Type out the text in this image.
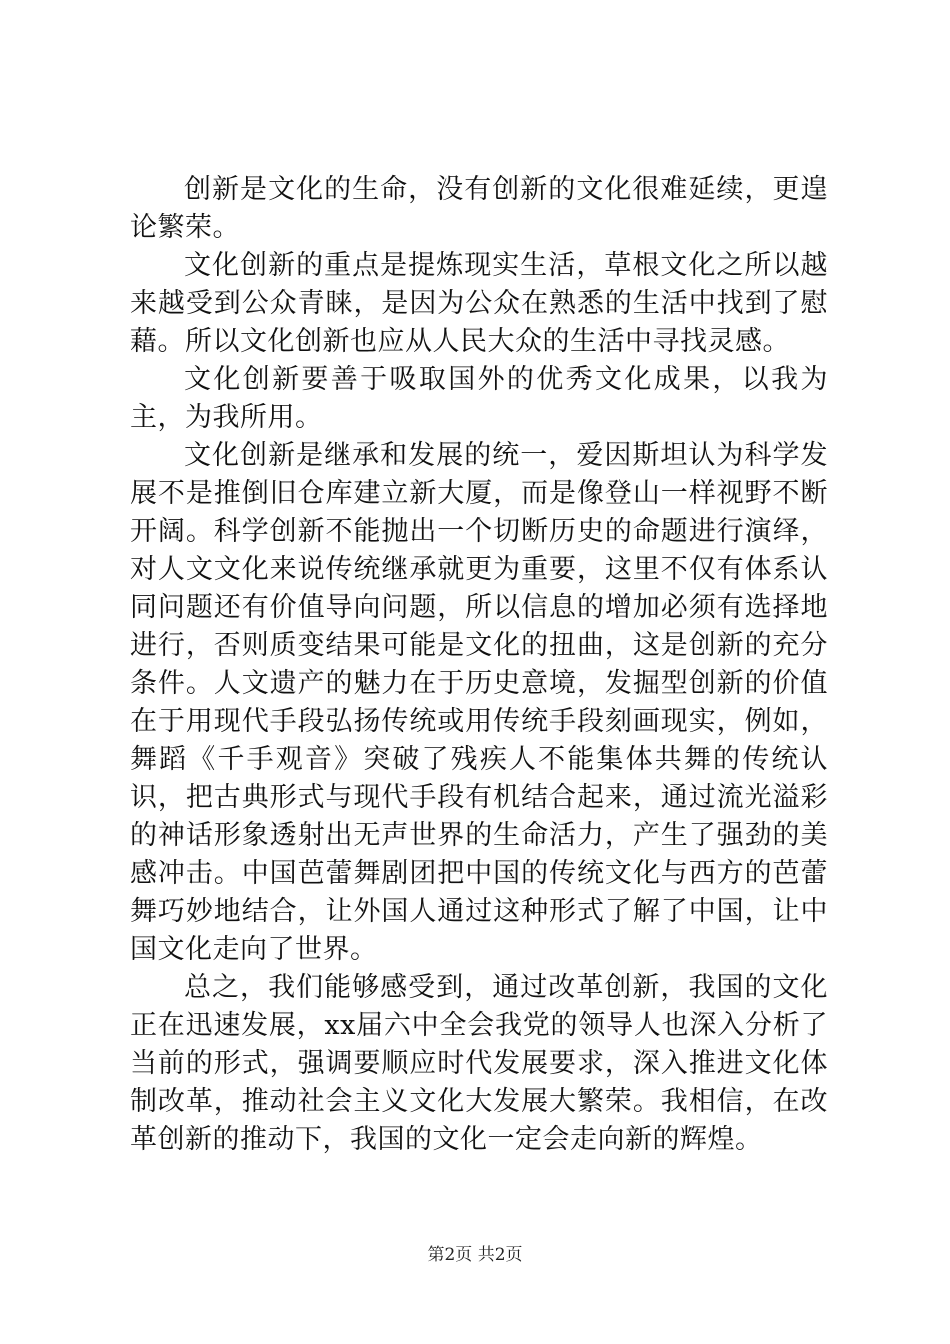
创新是文化的生命，没有创新的文化很难延续，更遑论繁荣。

文化创新的重点是提炼现实生活，草根文化之所以越来越受到公众青睐，是因为公众在熟悉的生活中找到了慰藉。所以文化创新也应从人民大众的生活中寻找灵感。

文化创新要善于吸取国外的优秀文化成果，以我为主，为我所用。

文化创新是继承和发展的统一，爱因斯坦认为科学发展不是推倒旧仓库建立新大厦，而是像登山一样视野不断开阔。科学创新不能抛出一个切断历史的命题进行演绎，对人文文化来说传统继承就更为重要，这里不仅有体系认同问题还有价值导向问题，所以信息的增加必须有选择地进行，否则质变结果可能是文化的扭曲，这是创新的充分条件。人文遗产的魅力在于历史意境，发掘型创新的价值在于用现代手段弘扬传统或用传统手段刻画现实，例如，舞蹈《千手观音》突破了残疾人不能集体共舞的传统认识，把古典形式与现代手段有机结合起来，通过流光溢彩的神话形象透射出无声世界的生命活力，产生了强劲的美感冲击。中国芭蕾舞剧团把中国的传统文化与西方的芭蕾舞巧妙地结合，让外国人通过这种形式了解了中国，让中国文化走向了世界。

总之，我们能够感受到，通过改革创新，我国的文化正在迅速发展，xx届六中全会我党的领导人也深入分析了当前的形式，强调要顺应时代发展要求，深入推进文化体制改革，推动社会主义文化大发展大繁荣。我相信，在改革创新的推动下，我国的文化一定会走向新的辉煌。

第2页 共2页
